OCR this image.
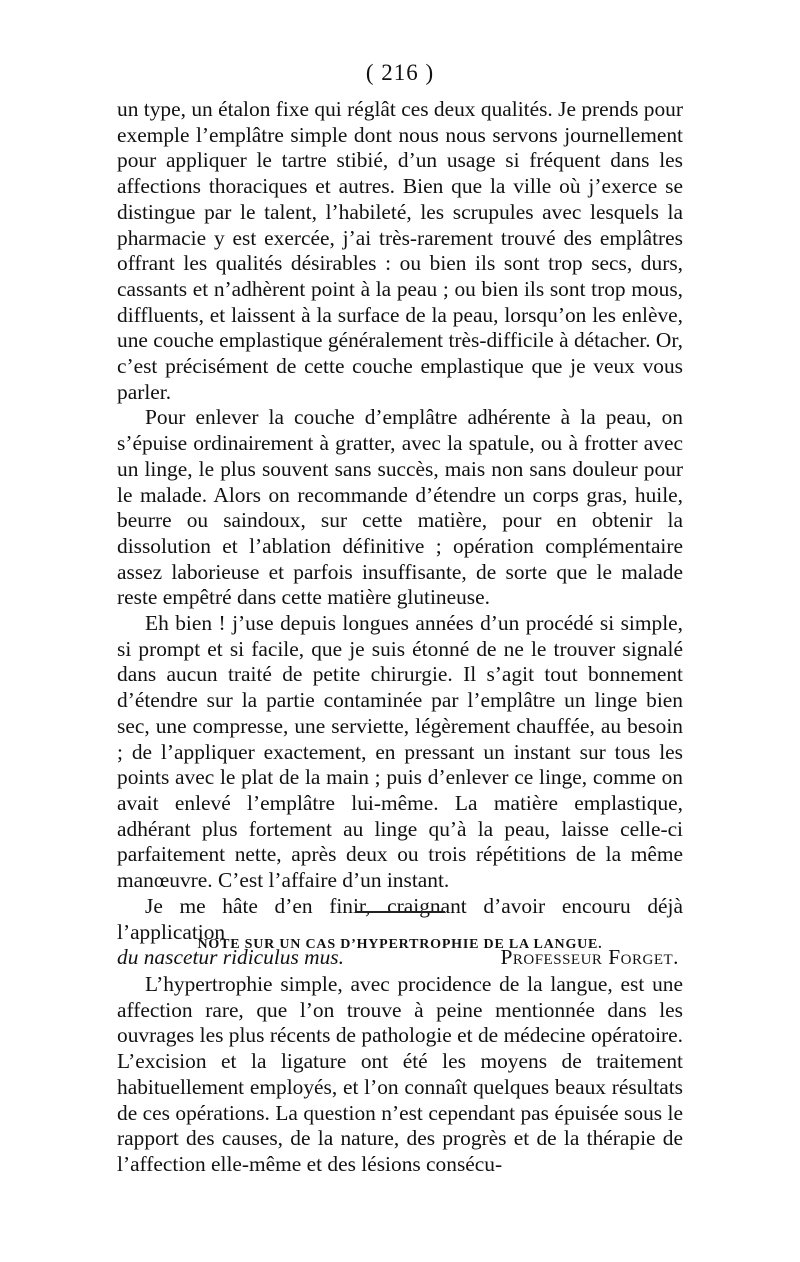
( 216 )

un type, un étalon fixe qui réglât ces deux qualités. Je prends pour exemple l’emplâtre simple dont nous nous servons journellement pour appliquer le tartre stibié, d’un usage si fréquent dans les affections thoraciques et autres. Bien que la ville où j’exerce se distingue par le talent, l’habileté, les scrupules avec lesquels la pharmacie y est exercée, j’ai très-rarement trouvé des emplâtres offrant les qualités désirables : ou bien ils sont trop secs, durs, cassants et n’adhèrent point à la peau ; ou bien ils sont trop mous, diffluents, et laissent à la surface de la peau, lorsqu’on les enlève, une couche emplastique généralement très-difficile à détacher. Or, c’est précisément de cette couche emplastique que je veux vous parler.

Pour enlever la couche d’emplâtre adhérente à la peau, on s’épuise ordinairement à gratter, avec la spatule, ou à frotter avec un linge, le plus souvent sans succès, mais non sans douleur pour le malade. Alors on recommande d’étendre un corps gras, huile, beurre ou saindoux, sur cette matière, pour en obtenir la dissolution et l’ablation définitive ; opération complémentaire assez laborieuse et parfois insuffisante, de sorte que le malade reste empêtré dans cette matière glutineuse.

Eh bien ! j’use depuis longues années d’un procédé si simple, si prompt et si facile, que je suis étonné de ne le trouver signalé dans aucun traité de petite chirurgie. Il s’agit tout bonnement d’étendre sur la partie contaminée par l’emplâtre un linge bien sec, une compresse, une serviette, légèrement chauffée, au besoin ; de l’appliquer exactement, en pressant un instant sur tous les points avec le plat de la main ; puis d’enlever ce linge, comme on avait enlevé l’emplâtre lui-même. La matière emplastique, adhérant plus fortement au linge qu’à la peau, laisse celle-ci parfaitement nette, après deux ou trois répétitions de la même manœuvre. C’est l’affaire d’un instant.

Je me hâte d’en finir, craignant d’avoir encouru déjà l’application

du nascetur ridiculus mus.	Professeur Forget.
NOTE SUR UN CAS D’HYPERTROPHIE DE LA LANGUE.

L’hypertrophie simple, avec procidence de la langue, est une affection rare, que l’on trouve à peine mentionnée dans les ouvrages les plus récents de pathologie et de médecine opératoire. L’excision et la ligature ont été les moyens de traitement habituellement employés, et l’on connaît quelques beaux résultats de ces opérations. La question n’est cependant pas épuisée sous le rapport des causes, de la nature, des progrès et de la thérapie de l’affection elle-même et des lésions consécu-
